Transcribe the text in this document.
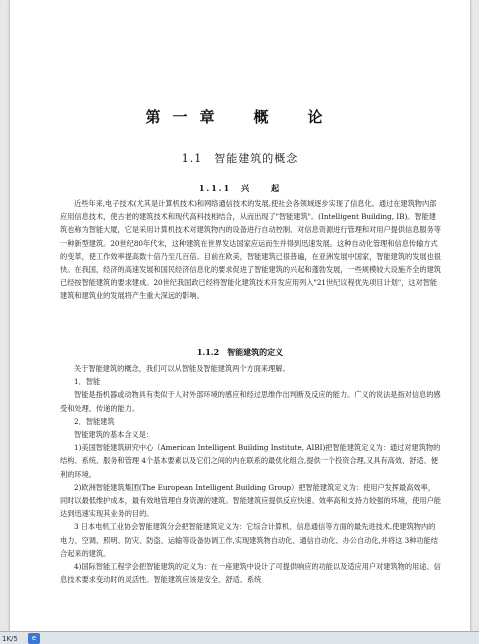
第一章　概　论
1.1　智能建筑的概念
1.1.1　兴　　起

近些年来,电子技术(尤其是计算机技术)和网络通信技术的发展,使社会各领域逐步实现了信息化。通过在建筑物内部应用信息技术，使古老的建筑技术和现代高科技相结合，从而出现了"智能建筑"。(Intelligent Building, IB)。智能建筑也称为智能大厦，它是采用计算机技术对建筑物内的设备进行自动控制、对信息资源进行管理和对用户提供信息服务等一种新型建筑。20世纪80年代末，这种建筑在世界发达国家应运而生并得到迅速发展。这种自动化管理和信息传输方式的变革，使工作效率提高数十倍乃至几百倍。目前在欧美，智能建筑已很普遍，在亚洲发展中国家，智能建筑的发展也很快。在我国，经济的高速发展和国民经济信息化的要求促进了智能建筑的兴起和蓬勃发展，一些规模较大设施齐全的建筑已经按智能建筑的要求建成。20世纪我国政已经将智能化建筑技术开发应用列入"21世纪议程优先项目计划"，这对智能建筑和建筑业的发展将产生重大深远的影响。

1.1.2　智能建筑的定义

关于智能建筑的概念，我们可以从智能及智能建筑两个方面来理解。

1．智能

智能是指机器或动物具有类似于人对外部环境的感应和经过思维作出判断及反应的能力。广义的说法是指对信息的感受和处理、传递的能力。

2．智能建筑

智能建筑的基本含义是：

1)美国智能建筑研究中心（American Intelligent Building Institute, AIBI)把智能建筑定义为：通过对建筑物的结构、系统、服务和管理 4个基本要素以及它们之间的内在联系的最优化组合,提供一个投资合理,又具有高效、舒适、便利的环境。

2)欧洲智能建筑集团(The European Intelligent Building Group）把智能建筑定义为：使用户发挥最高效率，同时以最低维护成本，最有效地管理自身资源的建筑。智能建筑应提供反应快速、效率高和支持力较强的环境，使用户能达到迅速实现其业务的目的。

3 日本电机工业协会智能建筑分会把智能建筑定义为：它综合计算机、信息通信等方面的最先进技术,使建筑物内的电力、空调、照明、防灾、防盗、运输等设备协调工作,实现建筑物自动化、通信自动化、办公自动化,并将这 3种功能结合起来的建筑。

4)国际智能工程学会把智能建筑的定义为：在一座建筑中设计了可提供响应的功能以及适应用户对建筑物的用途、信息技术要求变动时的灵活性。智能建筑应该是安全、舒适、系统

1K/5	e
